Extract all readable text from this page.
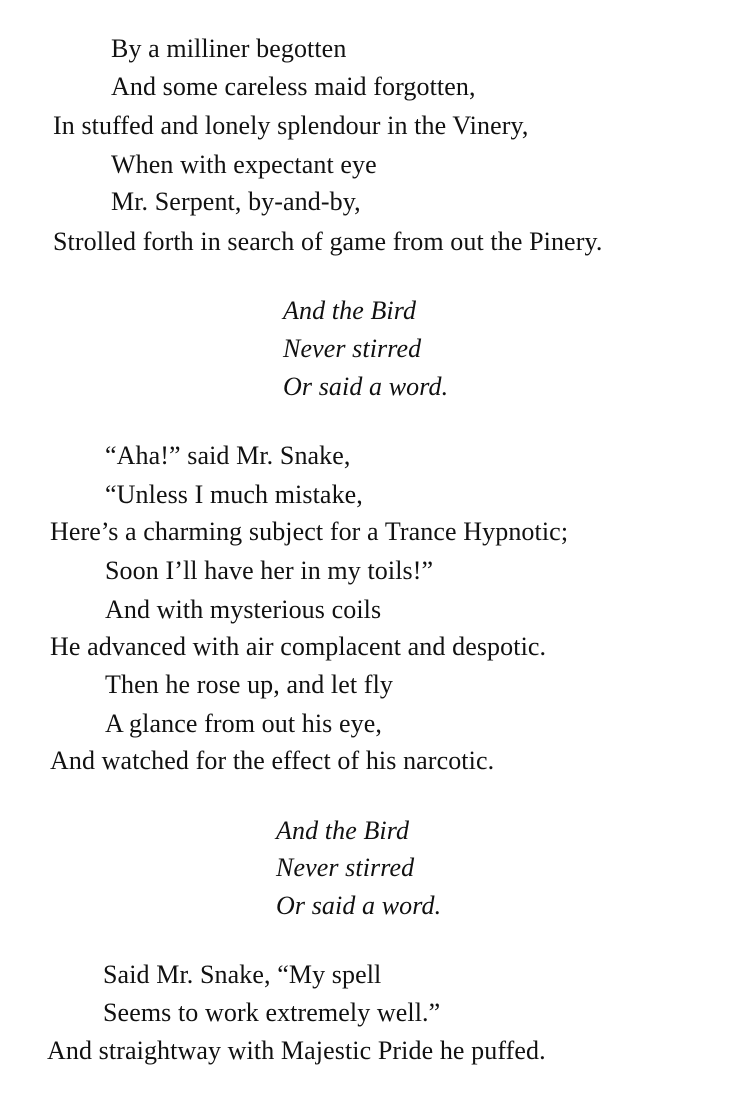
By a milliner begotten
And some careless maid forgotten,
In stuffed and lonely splendour in the Vinery,
When with expectant eye
Mr. Serpent, by-and-by,
Strolled forth in search of game from out the Pinery.
And the Bird
Never stirred
Or said a word.
“Aha!” said Mr. Snake,
“Unless I much mistake,
Here’s a charming subject for a Trance Hypnotic;
Soon I’ll have her in my toils!”
And with mysterious coils
He advanced with air complacent and despotic.
Then he rose up, and let fly
A glance from out his eye,
And watched for the effect of his narcotic.
And the Bird
Never stirred
Or said a word.
Said Mr. Snake, “My spell
Seems to work extremely well.”
And straightway with Majestic Pride he puffed.
